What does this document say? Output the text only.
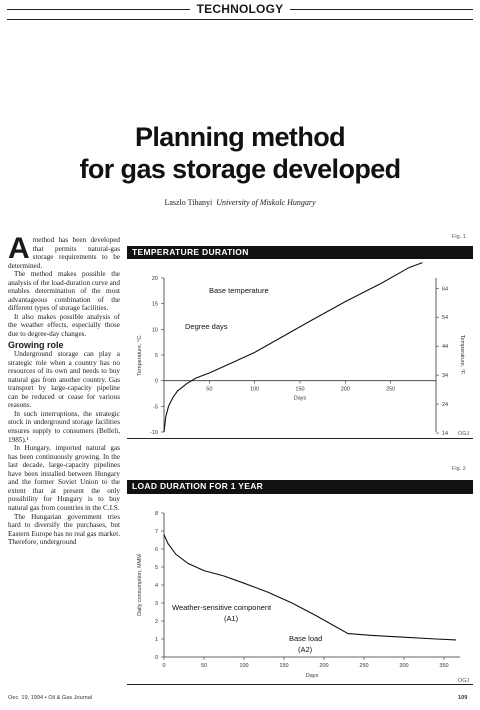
TECHNOLOGY
Planning method
for gas storage developed
Laszlo Tihanyi University of Miskolc Hungary

Amethod has been developed that permits natural-gas storage requirements to be determined.

The method makes possible the analysis of the load-duration curve and enables determination of the most advantageous combination of the different types of storage facilities.

It also makes possible analysis of the weather effects, especially those due to degree-day changes.

Growing role

Underground storage can play a strategic role when a country has no resources of its own and needs to buy natural gas from another country. Gas transport by large-capacity pipeline can be reduced or cease for various reasons.

In such interruptions, the strategic stock in underground storage facilities ensures supply to consumers (Belleli, 1985).¹

In Hungary, imported natural gas has been continuously growing. In the last decade, large-capacity pipelines have been installed between Hungary and the former Soviet Union to the extent that at present the only possibility for Hungary is to buy natural gas from countries in the C.I.S.

The Hungarian government tries hard to diversify the purchases, but Eastern Europe has no real gas market. Therefore, underground

Fig. 1
TEMPERATURE DURATION
20
15
10
5
0
-5
-10
64
54
44
34
24
14
50	100	150	200	250
Days
Temperature, °C.	Temperature, °F.
Base temperature
Degree days
OGJ
Fig. 2
LOAD DURATION FOR 1 YEAR
8
7
6
5
4
3
2
1
0
0	50	100	150	200	250	300	350
Days
Daily consumption, MMM	Weather-sensitive component
(A1)
Base load
(A2)
OGJ
Oec. 19, 1994 • Oil & Gas Journal	109
